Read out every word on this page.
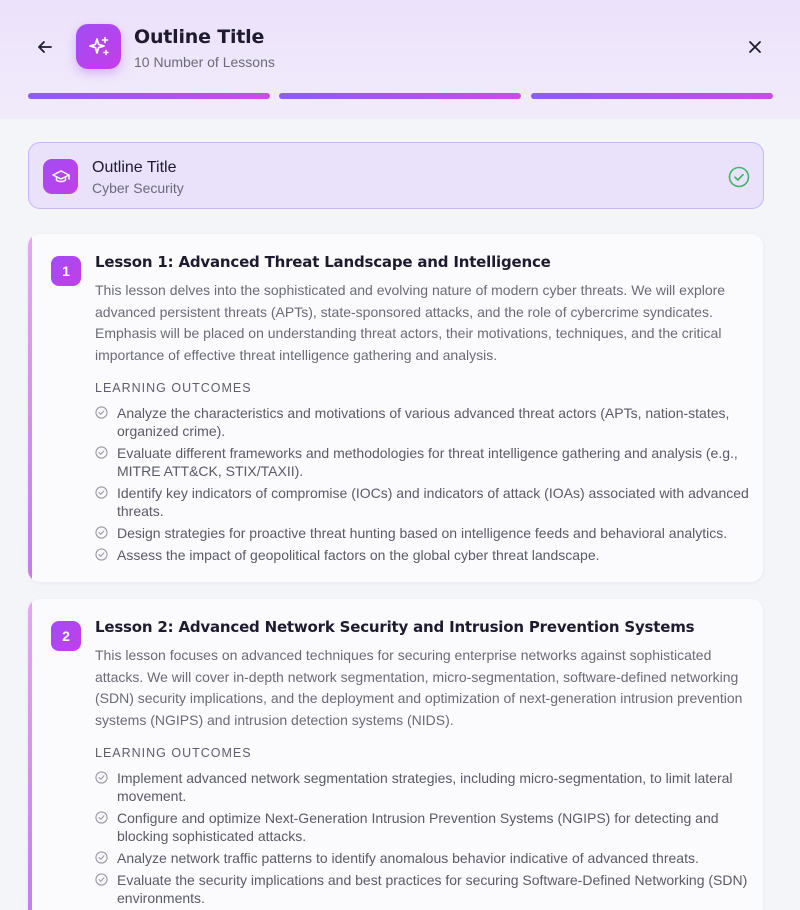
Outline Title
10 Number of Lessons
Outline Title
Cyber Security
1	Lesson 1: Advanced Threat Landscape and Intelligence
This lesson delves into the sophisticated and evolving nature of modern cyber threats. We will explore advanced persistent threats (APTs), state-sponsored attacks, and the role of cybercrime syndicates. Emphasis will be placed on understanding threat actors, their motivations, techniques, and the critical importance of effective threat intelligence gathering and analysis.
LEARNING OUTCOMES
Analyze the characteristics and motivations of various advanced threat actors (APTs, nation-states, organized crime).
Evaluate different frameworks and methodologies for threat intelligence gathering and analysis (e.g., MITRE ATT&CK, STIX/TAXII).
Identify key indicators of compromise (IOCs) and indicators of attack (IOAs) associated with advanced threats.
Design strategies for proactive threat hunting based on intelligence feeds and behavioral analytics.
Assess the impact of geopolitical factors on the global cyber threat landscape.
2	Lesson 2: Advanced Network Security and Intrusion Prevention Systems
This lesson focuses on advanced techniques for securing enterprise networks against sophisticated attacks. We will cover in-depth network segmentation, micro-segmentation, software-defined networking (SDN) security implications, and the deployment and optimization of next-generation intrusion prevention systems (NGIPS) and intrusion detection systems (NIDS).
LEARNING OUTCOMES
Implement advanced network segmentation strategies, including micro-segmentation, to limit lateral movement.
Configure and optimize Next-Generation Intrusion Prevention Systems (NGIPS) for detecting and blocking sophisticated attacks.
Analyze network traffic patterns to identify anomalous behavior indicative of advanced threats.
Evaluate the security implications and best practices for securing Software-Defined Networking (SDN) environments.
